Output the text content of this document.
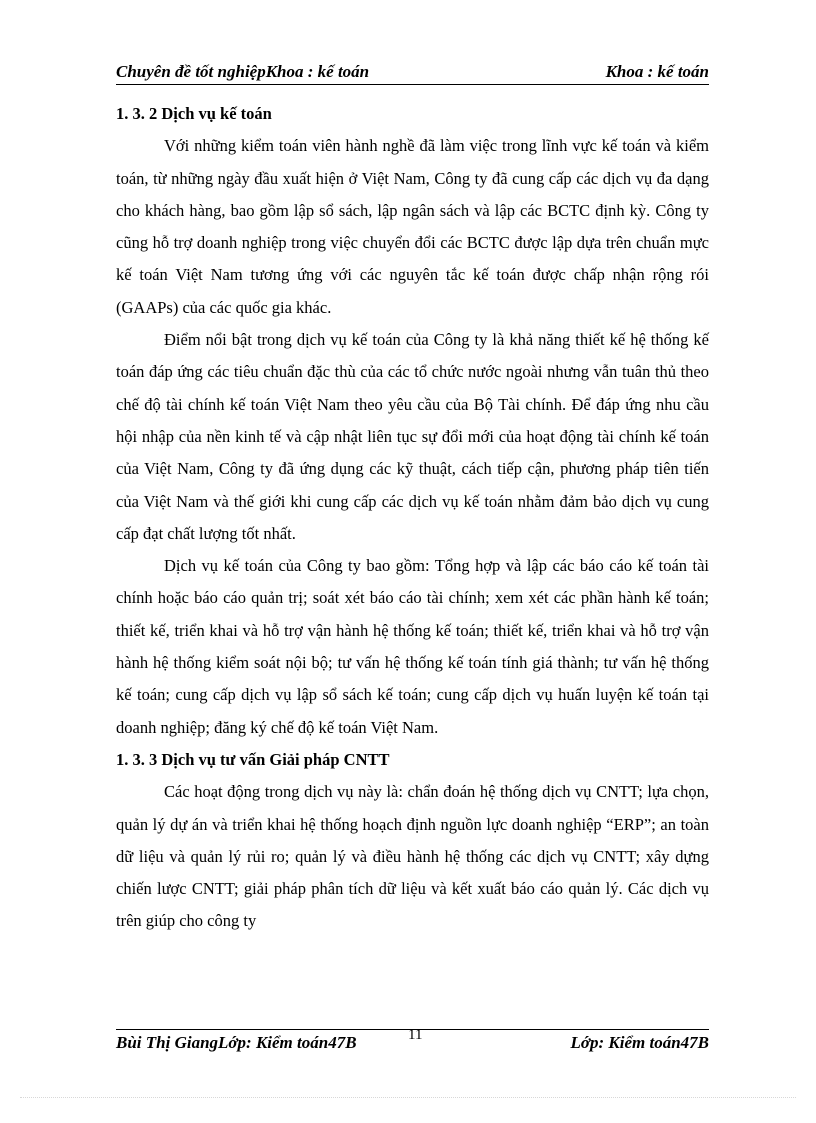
Chuyên đề tốt nghiệpKhoa : kế toán	Khoa : kế toán
1. 3. 2 Dịch vụ kế toán

Với những kiểm toán viên hành nghề đã làm việc trong lĩnh vực kế toán và kiểm toán, từ những ngày đầu xuất hiện ở Việt Nam, Công ty đã cung cấp các dịch vụ đa dạng cho khách hàng, bao gồm lập sổ sách, lập ngân sách và lập các BCTC định kỳ. Công ty cũng hỗ trợ doanh nghiệp trong việc chuyển đổi các BCTC được lập dựa trên chuẩn mực kế toán Việt Nam tương ứng với các nguyên tắc kế toán được chấp nhận rộng rói (GAAPs) của các quốc gia khác.

Điểm nổi bật trong dịch vụ kế toán của Công ty là khả năng thiết kế hệ thống kế toán đáp ứng các tiêu chuẩn đặc thù của các tổ chức nước ngoài nhưng vẫn tuân thủ theo chế độ tài chính kế toán Việt Nam theo yêu cầu của Bộ Tài chính. Để đáp ứng nhu cầu hội nhập của nền kinh tế và cập nhật liên tục sự đổi mới của hoạt động tài chính kế toán của Việt Nam, Công ty đã ứng dụng các kỹ thuật, cách tiếp cận, phương pháp tiên tiến của Việt Nam và thế giới khi cung cấp các dịch vụ kế toán nhằm đảm bảo dịch vụ cung cấp đạt chất lượng tốt nhất.

Dịch vụ kế toán của Công ty bao gồm: Tổng hợp và lập các báo cáo kế toán tài chính hoặc báo cáo quản trị; soát xét báo cáo tài chính; xem xét các phần hành kế toán; thiết kế, triển khai và hỗ trợ vận hành hệ thống kế toán; thiết kế, triển khai và hỗ trợ vận hành hệ thống kiểm soát nội bộ; tư vấn hệ thống kế toán tính giá thành; tư vấn hệ thống kế toán; cung cấp dịch vụ lập sổ sách kế toán; cung cấp dịch vụ huấn luyện kế toán tại doanh nghiệp; đăng ký chế độ kế toán Việt Nam.

1. 3. 3 Dịch vụ tư vấn Giải pháp CNTT

Các hoạt động trong dịch vụ này là: chẩn đoán hệ thống dịch vụ CNTT; lựa chọn, quản lý dự án và triển khai hệ thống hoạch định nguồn lực doanh nghiệp “ERP”; an toàn dữ liệu và quản lý rủi ro; quản lý và điều hành hệ thống các dịch vụ CNTT; xây dựng chiến lược CNTT; giải pháp phân tích dữ liệu và kết xuất báo cáo quản lý. Các dịch vụ trên giúp cho công ty

Bùi Thị GiangLớp: Kiểm toán47B	11	Lớp: Kiểm toán47B
